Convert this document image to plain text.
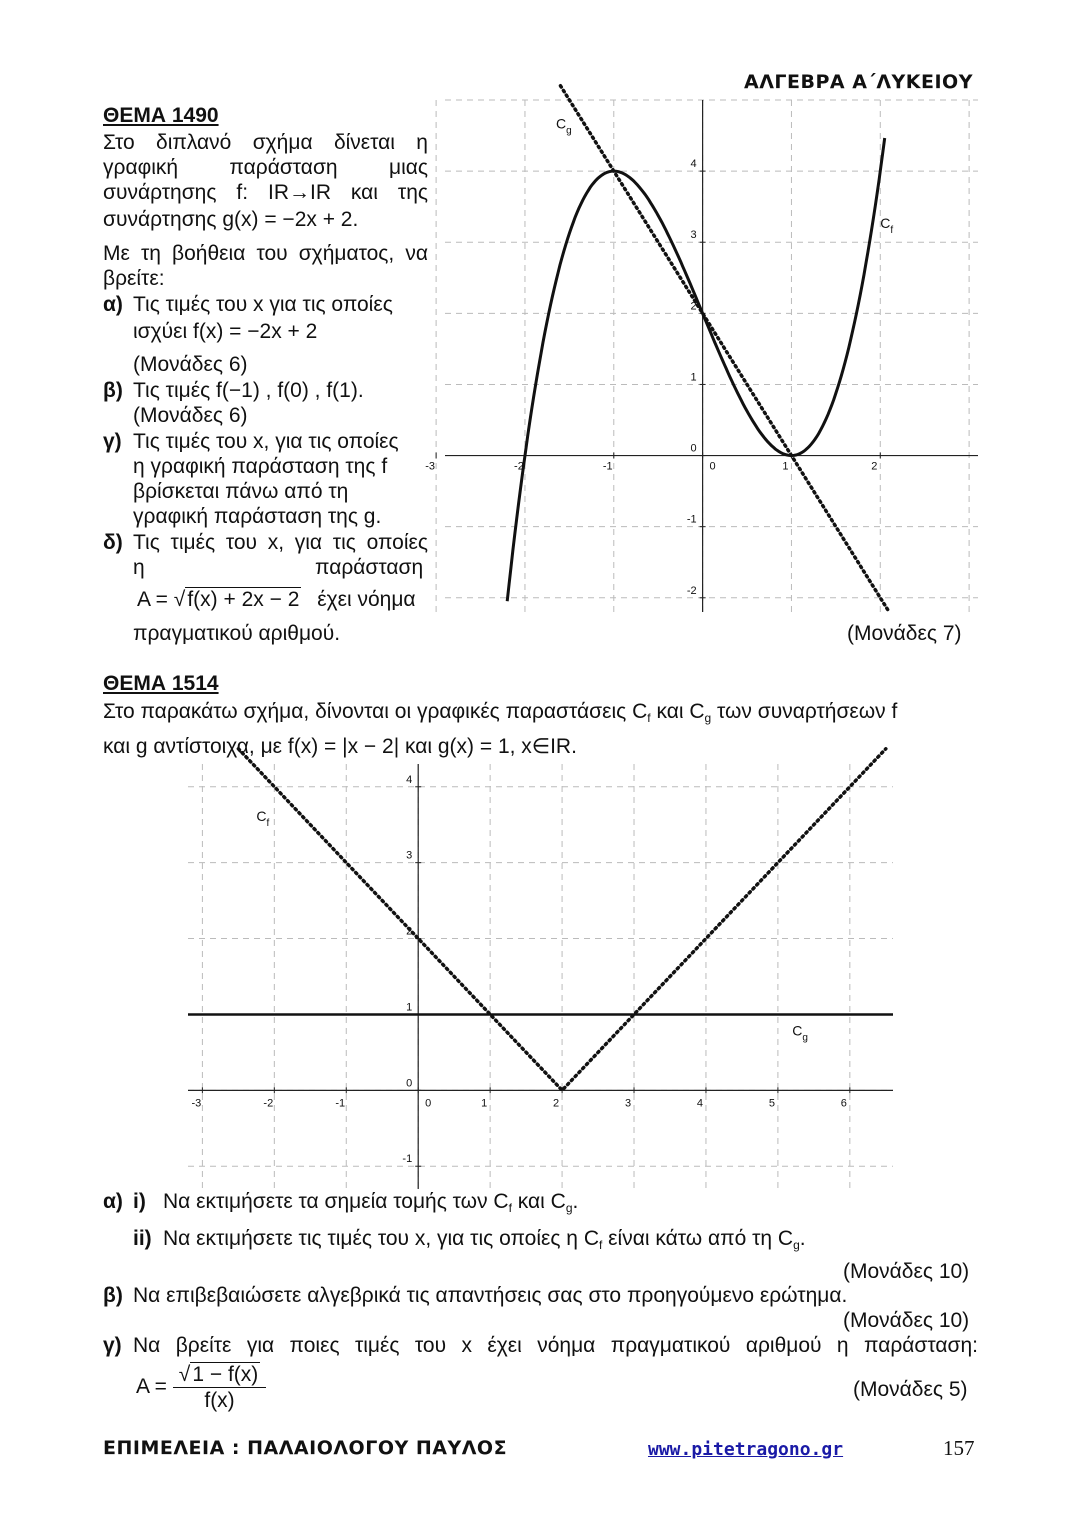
ΑΛΓΕΒΡΑ Α΄ΛΥΚΕΙΟΥ
ΘΕΜΑ 1490
Στο διπλανό σχήμα δίνεται η
γραφική παράσταση μιας
συνάρτησης f: IR→IR και της
συνάρτησης g(x) = −2x + 2.
Με τη βοήθεια του σχήματος, να
βρείτε:
α) Τις τιμές του x για τις οποίες
ισχύει f(x) = −2x + 2
(Μονάδες 6)
β) Τις τιμές f(−1) , f(0) , f(1).
(Μονάδες 6)
γ) Τις τιμές του x, για τις οποίες
η γραφική παράσταση της f
βρίσκεται πάνω από τη
γραφική παράσταση της g.
δ) Τις τιμές του x, για τις οποίες
η	παράσταση
A = √f(x) + 2x − 2 έχει νόημα
πραγματικού αριθμού.	(Μονάδες 7)
-3	-2	-1	0	1	2
-2
-1
0
1
2
3
4
$C_g$
$C_f$
ΘΕΜΑ 1514
Στο παρακάτω σχήμα, δίνονται οι γραφικές παραστάσεις $C_f$ και $C_g$ των συναρτήσεων f
και g αντίστοιχα, με f(x) = |x − 2| και g(x) = 1, x∈IR.
-3	-2	-1	0	1	2	3	4	5	6
-1
0
1
2
3
4
$C_f$
$C_g$
α) i) Να εκτιμήσετε τα σημεία τομής των $C_f$ και $C_g$.
ii) Να εκτιμήσετε τις τιμές του x, για τις οποίες η $C_f$ είναι κάτω από τη $C_g$.
(Μονάδες 10)
β) Να επιβεβαιώσετε αλγεβρικά τις απαντήσεις σας στο προηγούμενο ερώτημα.
(Μονάδες 10)
γ) Να βρείτε για ποιες τιμές του x έχει νόημα πραγματικού αριθμού η παράσταση:
$A = \frac{√1 - f(x)}{f(x)}$	(Μονάδες 5)
ΕΠΙΜΕΛΕΙΑ : ΠΑΛΑΙΟΛΟΓΟΥ ΠΑΥΛΟΣ	www.pitetragono.gr	157
